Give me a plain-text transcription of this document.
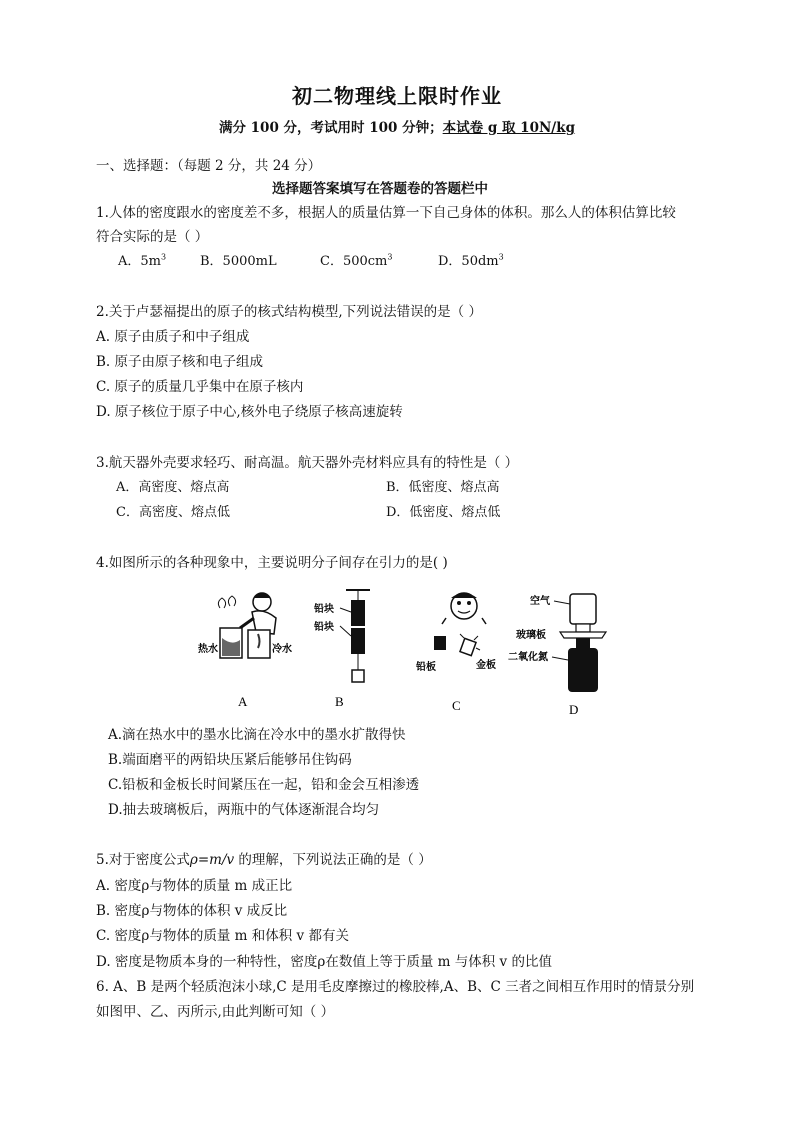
初二物理线上限时作业
满分 100 分，考试用时 100 分钟；本试卷 g 取 10N/kg
一、选择题：（每题 2 分，共 24 分）
选择题答案填写在答题卷的答题栏中
1.人体的密度跟水的密度差不多，根据人的质量估算一下自己身体的体积。那么人的体积估算比较
符合实际的是（ ）
A．$5m^3$	B．5000mL	C．$500cm^3$	D．$50dm^3$
2.关于卢瑟福提出的原子的核式结构模型,下列说法错误的是（ ）
A. 原子由质子和中子组成
B. 原子由原子核和电子组成
C. 原子的质量几乎集中在原子核内
D. 原子核位于原子中心,核外电子绕原子核高速旋转
3.航天器外壳要求轻巧、耐高温。航天器外壳材料应具有的特性是（ ）
A．高密度、熔点高	B．低密度、熔点高
C．高密度、熔点低	D．低密度、熔点低
4.如图所示的各种现象中，主要说明分子间存在引力的是( )
热水	冷水
A
铅块
铅块
B
铅板	金板
C
空气
玻璃板
二氧化氮
D
A.滴在热水中的墨水比滴在冷水中的墨水扩散得快
B.端面磨平的两铅块压紧后能够吊住钩码
C.铅板和金板长时间紧压在一起，铅和金会互相渗透
D.抽去玻璃板后，两瓶中的气体逐渐混合均匀
5.对于密度公式ρ=m/v 的理解，下列说法正确的是（ ）
A. 密度ρ与物体的质量 m 成正比
B. 密度ρ与物体的体积 v 成反比
C. 密度ρ与物体的质量 m 和体积 v 都有关
D. 密度是物质本身的一种特性，密度ρ在数值上等于质量 m 与体积 v 的比值
6. A、B 是两个轻质泡沫小球,C 是用毛皮摩擦过的橡胶棒,A、B、C 三者之间相互作用时的情景分别
如图甲、乙、丙所示,由此判断可知（ ）
